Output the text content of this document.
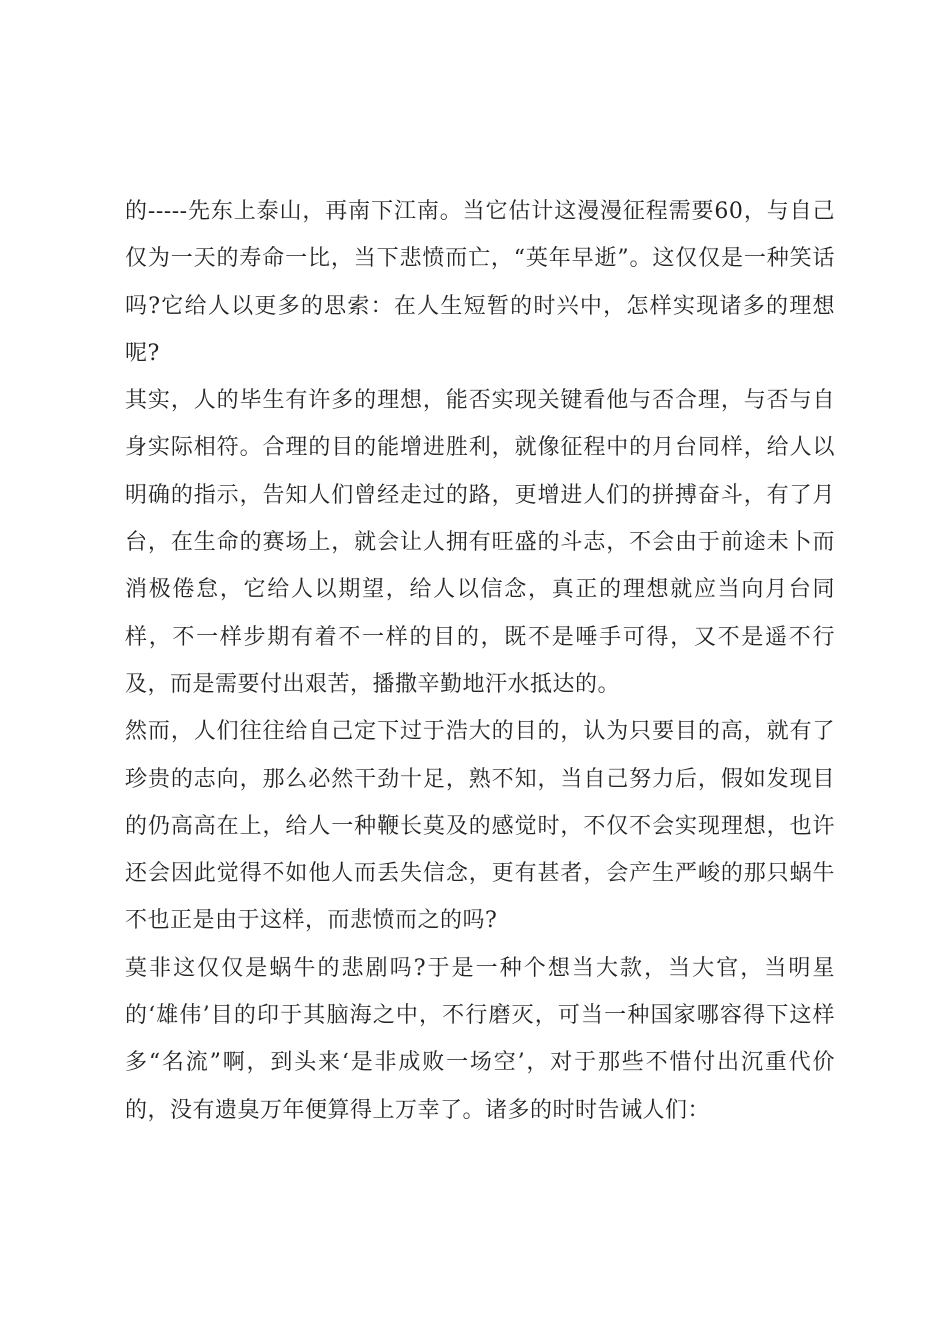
的-----先东上泰山，再南下江南。当它估计这漫漫征程需要60，与自己仅为一天的寿命一比，当下悲愤而亡，“英年早逝”。这仅仅是一种笑话吗?它给人以更多的思索：在人生短暂的时兴中，怎样实现诸多的理想呢?

其实，人的毕生有许多的理想，能否实现关键看他与否合理，与否与自身实际相符。合理的目的能增进胜利，就像征程中的月台同样，给人以明确的指示，告知人们曾经走过的路，更增进人们的拼搏奋斗，有了月台，在生命的赛场上，就会让人拥有旺盛的斗志，不会由于前途未卜而消极倦怠，它给人以期望，给人以信念，真正的理想就应当向月台同样，不一样步期有着不一样的目的，既不是唾手可得，又不是遥不行及，而是需要付出艰苦，播撒辛勤地汗水抵达的。

然而，人们往往给自己定下过于浩大的目的，认为只要目的高，就有了珍贵的志向，那么必然干劲十足，熟不知，当自己努力后，假如发现目的仍高高在上，给人一种鞭长莫及的感觉时，不仅不会实现理想，也许还会因此觉得不如他人而丢失信念，更有甚者，会产生严峻的那只蜗牛不也正是由于这样，而悲愤而之的吗?

莫非这仅仅是蜗牛的悲剧吗?于是一种个想当大款，当大官，当明星的‘雄伟’目的印于其脑海之中，不行磨灭，可当一种国家哪容得下这样多“名流”啊，到头来‘是非成败一场空’，对于那些不惜付出沉重代价的，没有遗臭万年便算得上万幸了。诸多的时时告诫人们：
